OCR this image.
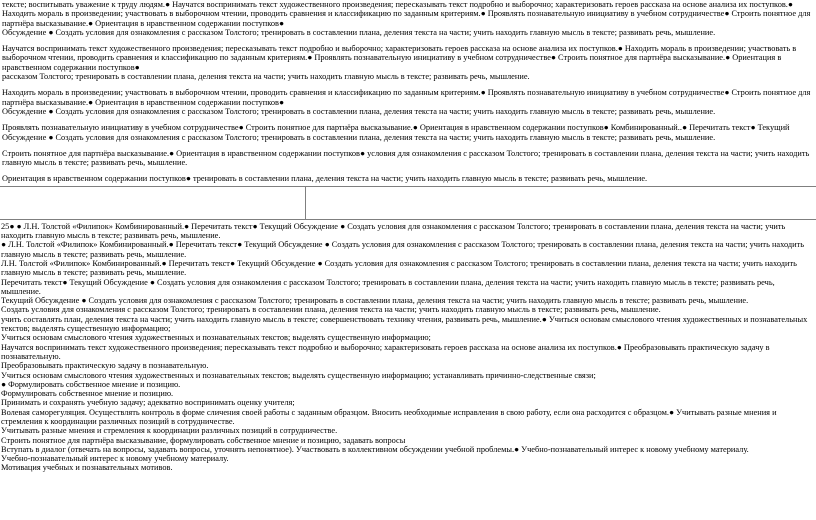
тексте; воспитывать уважение к труду людям.● Научатся воспринимать текст художественного произведения; пересказывать текст подробно и выборочно; характеризовать героев рассказа на основе анализа их поступков.● Находить мораль в произведении; участвовать в выборочном чтении, проводить сравнения и классификацию по заданным критериям.● Проявлять познавательную инициативу в учебном сотрудничестве● Строить понятное для партнёра высказывание.● Ориентация в нравственном содержании поступков●
Обсуждение ● Создать условия для ознакомления с рассказом Толстого; тренировать в составлении плана, деления текста на части; учить находить главную мысль в тексте; развивать речь, мышление.
Научатся воспринимать текст художественного произведения; пересказывать текст подробно и выборочно; характеризовать героев рассказа на основе анализа их поступков.● Находить мораль в произведении; участвовать в выборочном чтении, проводить сравнения и классификацию по заданным критериям.● Проявлять познавательную инициативу в учебном сотрудничестве● Строить понятное для партнёра высказывание.● Ориентация в нравственном содержании поступков●
рассказом Толстого; тренировать в составлении плана, деления текста на части; учить находить главную мысль в тексте; развивать речь, мышление.
Находить мораль в произведении; участвовать в выборочном чтении, проводить сравнения и классификацию по заданным критериям.● Проявлять познавательную инициативу в учебном сотрудничестве● Строить понятное для партнёра высказывание.● Ориентация в нравственном содержании поступков●
Обсуждение ● Создать условия для ознакомления с рассказом Толстого; тренировать в составлении плана, деления текста на части; учить находить главную мысль в тексте; развивать речь, мышление.
Проявлять познавательную инициативу в учебном сотрудничестве● Строить понятное для партнёра высказывание.● Ориентация в нравственном содержании поступков● Комбинированный..● Перечитать текст● Текущий Обсуждение ● Создать условия для ознакомления с рассказом Толстого; тренировать в составлении плана, деления текста на части; учить находить главную мысль в тексте; развивать речь, мышление.
Строить понятное для партнёра высказывание.● Ориентация в нравственном содержании поступков● условия для ознакомления с рассказом Толстого; тренировать в составлении плана, деления текста на части; учить находить главную мысль в тексте; развивать речь, мышление.
Ориентация в нравственном содержании поступков● тренировать в составлении плана, деления текста на части; учить находить главную мысль в тексте; развивать речь, мышление.
25● ● Л.Н. Толстой «Филипок» Комбинированный.● Перечитать текст● Текущий Обсуждение ● Создать условия для ознакомления с рассказом Толстого; тренировать в составлении плана, деления текста на части; учить находить главную мысль в тексте; развивать речь, мышление.
● Л.Н. Толстой «Филипок» Комбинированный.● Перечитать текст● Текущий Обсуждение ● Создать условия для ознакомления с рассказом Толстого; тренировать в составлении плана, деления текста на части; учить находить главную мысль в тексте; развивать речь, мышление.
Л.Н. Толстой «Филипок» Комбинированный.● Перечитать текст● Текущий Обсуждение ● Создать условия для ознакомления с рассказом Толстого; тренировать в составлении плана, деления текста на части; учить находить главную мысль в тексте; развивать речь, мышление.
Перечитать текст● Текущий Обсуждение ● Создать условия для ознакомления с рассказом Толстого; тренировать в составлении плана, деления текста на части; учить находить главную мысль в тексте; развивать речь, мышление.
Текущий Обсуждение ● Создать условия для ознакомления с рассказом Толстого; тренировать в составлении плана, деления текста на части; учить находить главную мысль в тексте; развивать речь, мышление.
Создать условия для ознакомления с рассказом Толстого; тренировать в составлении плана, деления текста на части; учить находить главную мысль в тексте; развивать речь, мышление.
учить составлять план, деления текста на части; учить находить главную мысль в тексте; совершенствовать технику чтения, развивать речь, мышление.● Учиться основам смыслового чтения художественных и познавательных текстов; выделять существенную информацию;
Учиться основам смыслового чтения художественных и познавательных текстов; выделять существенную информацию;
Научатся воспринимать текст художественного произведения; пересказывать текст подробно и выборочно; характеризовать героев рассказа на основе анализа их поступков.● Преобразовывать практическую задачу в познавательную.
Преобразовывать практическую задачу в познавательную.
Учиться основам смыслового чтения художественных и познавательных текстов; выделять существенную информацию; устанавливать причинно-следственные связи;
● Формулировать собственное мнение и позицию.
Формулировать собственное мнение и позицию.
Принимать и сохранять учебную задачу; адекватно воспринимать оценку учителя;
Волевая саморегуляция. Осуществлять контроль в форме сличения своей работы с заданным образцом. Вносить необходимые исправления в свою работу, если она расходится с образцом.● Учитывать разные мнения и стремления к координации различных позиций в сотрудничестве.
Учитывать разные мнения и стремления к координации различных позиций в сотрудничестве.
Строить понятное для партнёра высказывание, формулировать собственное мнение и позицию, задавать вопросы
Вступать в диалог (отвечать на вопросы, задавать вопросы, уточнять непонятное). Участвовать в коллективном обсуждении учебной проблемы.● Учебно-познавательный интерес к новому учебному материалу.
Учебно-познавательный интерес к новому учебному материалу.
Мотивация учебных и познавательных мотивов.
